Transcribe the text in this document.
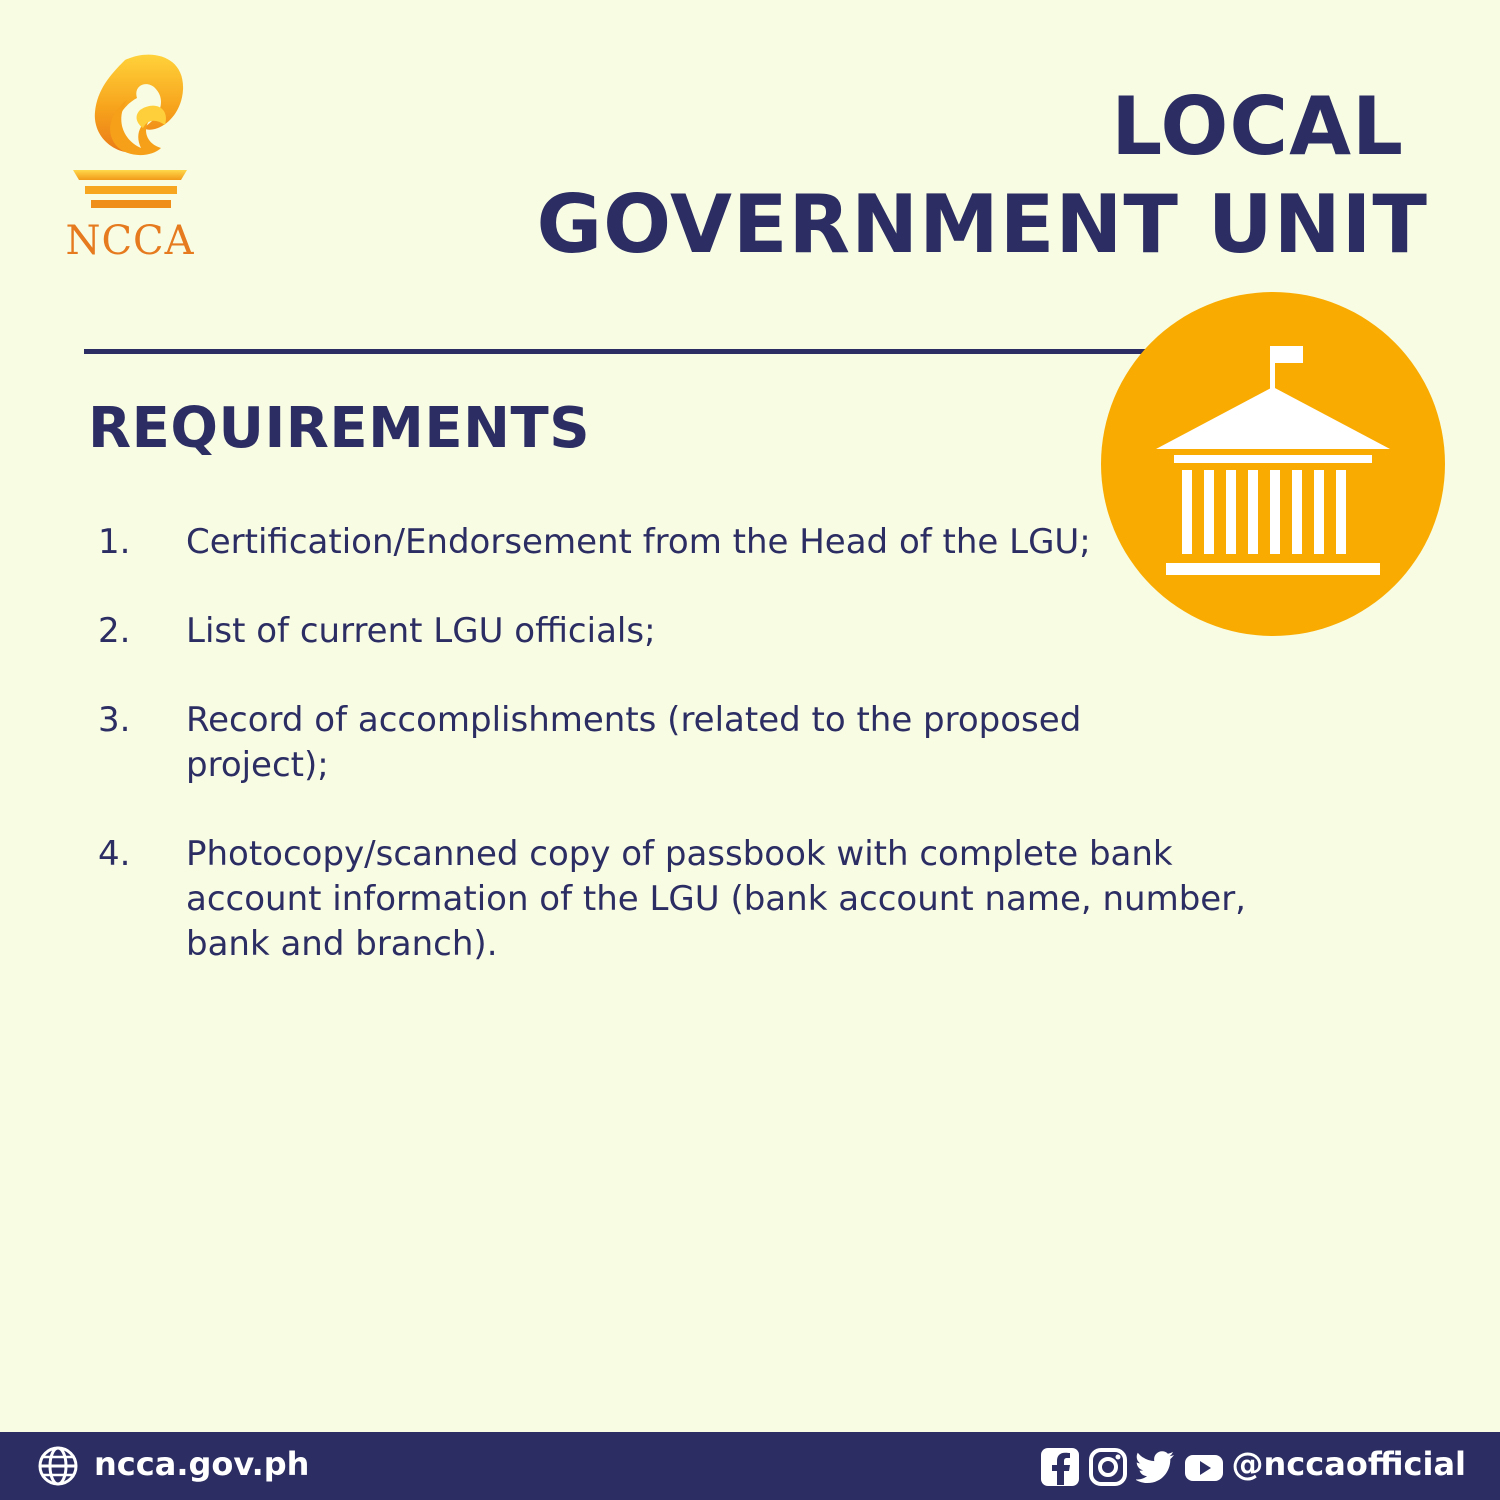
NCCA
LOCAL
GOVERNMENT UNIT
REQUIREMENTS
1. Certification/Endorsement from the Head of the LGU;
2. List of current LGU officials;
3. Record of accomplishments (related to the proposed project);
4. Photocopy/scanned copy of passbook with complete bank account information of the LGU (bank account name, number, bank and branch).
ncca.gov.ph	@nccaofficial
